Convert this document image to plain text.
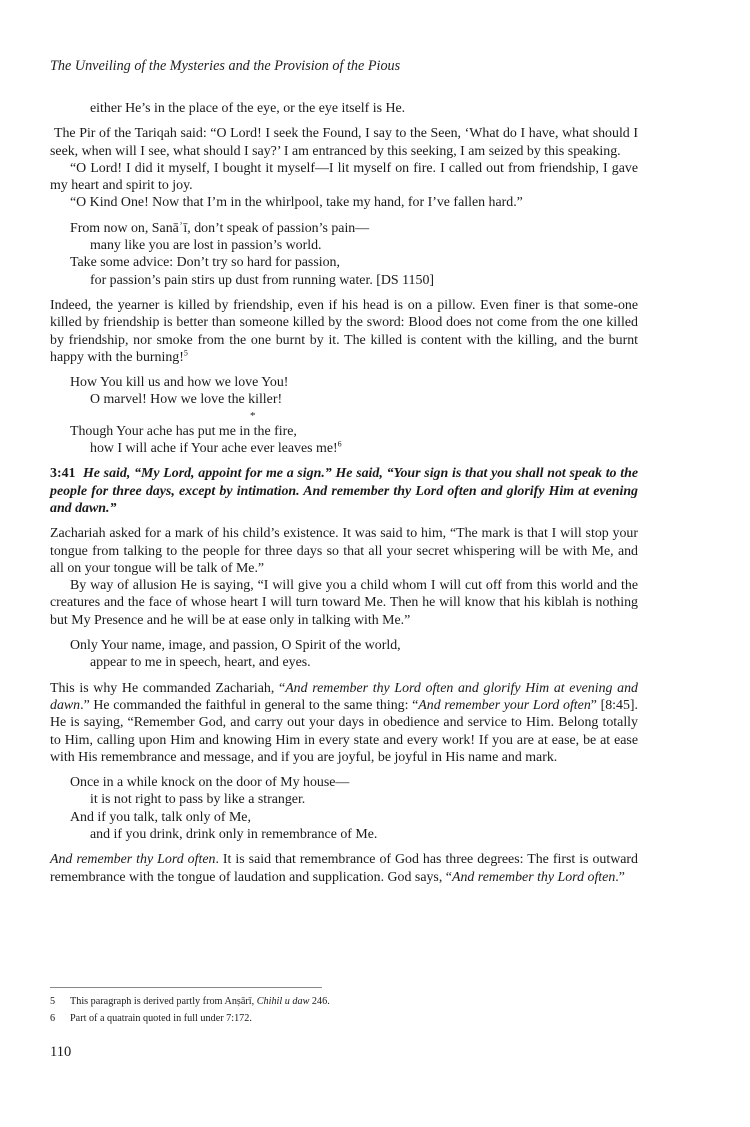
The Unveiling of the Mysteries and the Provision of the Pious
either He’s in the place of the eye, or the eye itself is He.

The Pir of the Tariqah said: “O Lord! I seek the Found, I say to the Seen, ‘What do I have, what should I seek, when will I see, what should I say?’ I am entranced by this seeking, I am seized by this speaking.

“O Lord! I did it myself, I bought it myself—I lit myself on fire. I called out from friendship, I gave my heart and spirit to joy.

“O Kind One! Now that I’m in the whirlpool, take my hand, for I’ve fallen hard.”

From now on, Sanāʾī, don’t speak of passion’s pain—
many like you are lost in passion’s world.
Take some advice: Don’t try so hard for passion,
for passion’s pain stirs up dust from running water. [DS 1150]

Indeed, the yearner is killed by friendship, even if his head is on a pillow. Even finer is that some-one killed by friendship is better than someone killed by the sword: Blood does not come from the one killed by friendship, nor smoke from the one burnt by it. The killed is content with the killing, and the burnt happy with the burning!$^5$

How You kill us and how we love You!
O marvel! How we love the killer!
*
Though Your ache has put me in the fire,
how I will ache if Your ache ever leaves me!$^6$

3:41 He said, “My Lord, appoint for me a sign.” He said, “Your sign is that you shall not speak to the people for three days, except by intimation. And remember thy Lord often and glorify Him at evening and dawn.”

Zachariah asked for a mark of his child’s existence. It was said to him, “The mark is that I will stop your tongue from talking to the people for three days so that all your secret whispering will be with Me, and all on your tongue will be talk of Me.”

By way of allusion He is saying, “I will give you a child whom I will cut off from this world and the creatures and the face of whose heart I will turn toward Me. Then he will know that his kiblah is nothing but My Presence and he will be at ease only in talking with Me.”

Only Your name, image, and passion, O Spirit of the world,
appear to me in speech, heart, and eyes.

This is why He commanded Zachariah, “And remember thy Lord often and glorify Him at evening and dawn.” He commanded the faithful in general to the same thing: “And remember your Lord often” [8:45]. He is saying, “Remember God, and carry out your days in obedience and service to Him. Belong totally to Him, calling upon Him and knowing Him in every state and every work! If you are at ease, be at ease with His remembrance and message, and if you are joyful, be joyful in His name and mark.

Once in a while knock on the door of My house—
it is not right to pass by like a stranger.
And if you talk, talk only of Me,
and if you drink, drink only in remembrance of Me.

And remember thy Lord often. It is said that remembrance of God has three degrees: The first is outward remembrance with the tongue of laudation and supplication. God says, “And remember thy Lord often.”

5	This paragraph is derived partly from Anṣārī, Chihil u daw 246.
6	Part of a quatrain quoted in full under 7:172.
110
